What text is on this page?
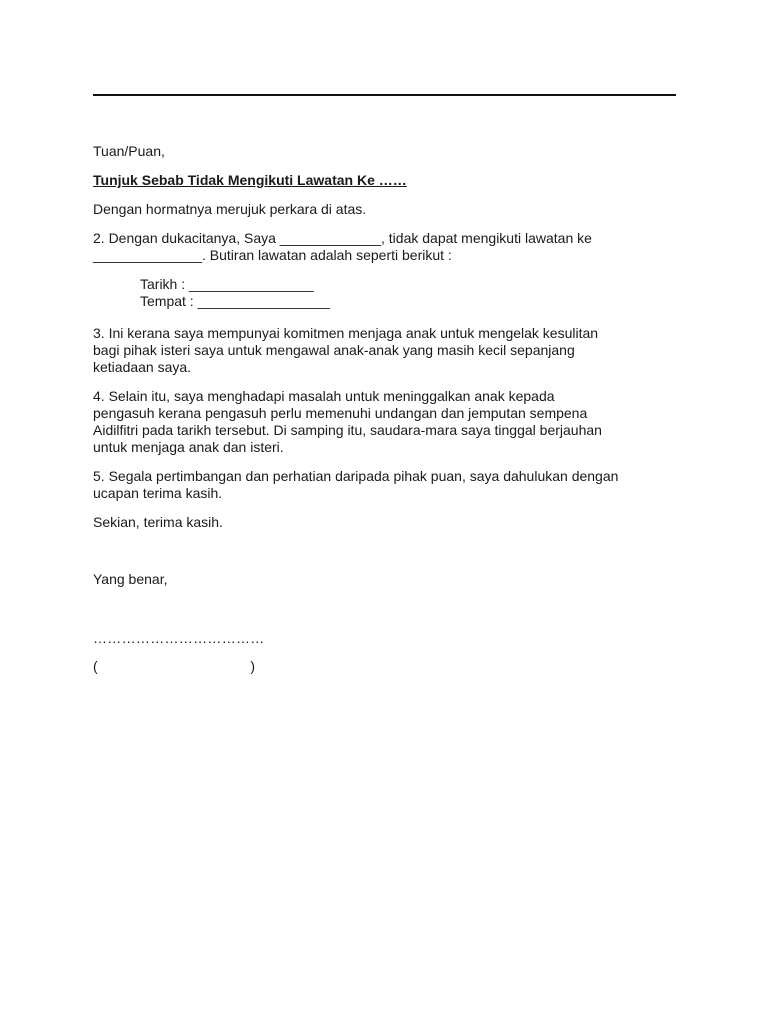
Tuan/Puan,
Tunjuk Sebab Tidak Mengikuti Lawatan Ke ……
Dengan hormatnya merujuk perkara di atas.
2. Dengan dukacitanya, Saya _____________, tidak dapat mengikuti lawatan ke
______________. Butiran lawatan adalah seperti berikut :
Tarikh : ________________
Tempat : _________________
3. Ini kerana saya mempunyai komitmen menjaga anak untuk mengelak kesulitan
bagi pihak isteri saya untuk mengawal anak-anak yang masih kecil sepanjang
ketiadaan saya.
4. Selain itu, saya menghadapi masalah untuk meninggalkan anak kepada
pengasuh kerana pengasuh perlu memenuhi undangan dan jemputan sempena
Aidilfitri pada tarikh tersebut. Di samping itu, saudara-mara saya tinggal berjauhan
untuk menjaga anak dan isteri.
5. Segala pertimbangan dan perhatian daripada pihak puan, saya dahulukan dengan
ucapan terima kasih.
Sekian, terima kasih.
Yang benar,
………………………………
(	)
